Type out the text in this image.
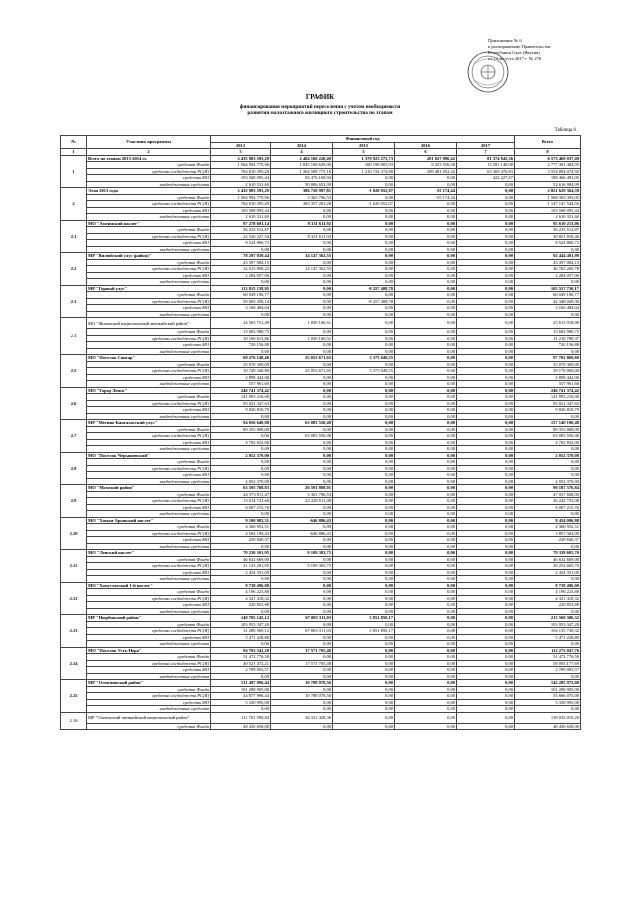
Приложение № 6
к распоряжению Правительства
Республики Саха (Якутия)
от 14 августа 2017 г. № 276
ГРАФИК
финансирования мероприятий переселения с учетом необходимости
развития малоэтажного жилищного строительства по этапам
Таблица 6
№	Участник программы	Финансовый год					Всего
		2013	2014	2015	2016	2017	
1	2	3	4	5	6	7	8
1	Всего по этапам 2013-2014 гг.	2 435 983 593,29	2 484 160 226,49	1 370 923 275,73	201 027 096,42	81 374 845,56	6 573 469 037,49
	средства Фонда	1 564 994 770,96	1 045 168 629,00	160 198 903,93	8 453 556,00	13 581 148,08	2 777 491 484,95
	средства госбюджета РС(Я)	764 810 395,29	1 304 508 775,16	1 210 724 374,80	209 481 052,42	63 369 476,83	3 554 894 074,50
	средства МО	103 568 095,44	84 476 169,94	0,00	0,00	422 227,67	188 466 493,05
	внебюджетные средства	2 610 331,60	50 006 653,39	0,00	0,00	0,00	52 616 984,99
2	Этап 2013 года	2 435 983 593,29	386 720 997,81	-1 020 052,07	-55 174,44	0,00	2 821 629 364,59
	средства Фонда	1 564 994 770,96	3 363 796,53	0,00	-55 174,44	0,00	1 568 303 393,05
	средства госбюджета РС(Я)	764 810 395,29	383 357 201,28	-1 020 052,07	0,00	0,00	1 147 147 544,50
	средства МО	103 568 095,44	0,00	0,00	0,00	0,00	103 568 095,44
	внебюджетные средства	2 610 331,60	0,00	0,00	0,00	0,00	2 610 331,60
2.1	МО "Амгинский наслег"	87 278 601,14	8 331 611,92	0,00	0,00	0,00	95 610 213,06
	средства Фонда	56 233 512,87	0,00	0,00	0,00	0,00	56 233 512,87
	средства госбюджета РС(Я)	22 520 227,54	8 331 611,92	0,00	0,00	0,00	30 851 839,46
	средства МО	8 524 860,73	0,00	0,00	0,00	0,00	8 524 860,73
	внебюджетные средства	0,00	0,00	0,00	0,00	0,00	0,00
2.2	МР "Вилюйский улус (район)"	78 297 039,44	14 147 362,55	0,00	0,00	0,00	92 444 401,99
	средства Фонда	43 397 084,15	0,00	0,00	0,00	0,00	43 397 084,15
	средства госбюджета РС(Я)	32 615 898,23	14 147 362,55	0,00	0,00	0,00	46 763 260,78
	средства МО	2 284 057,06	0,00	0,00	0,00	0,00	2 284 057,06
	внебюджетные средства	0,00	0,00	0,00	0,00	0,00	0,00
2.3	МР "Горный улус"	113 815 138,95	0,00	-8 257 408,78	0,00	0,00	105 557 730,17
	средства Фонда	60 049 196,77	0,00	0,00	0,00	0,00	60 049 196,77
	средства госбюджета РС(Я)	50 605 458,14	0,00	-8 257 408,78	0,00	0,00	42 348 049,36
	средства МО	3 160 484,04	0,00	0,00	0,00	0,00	3 160 484,04
	внебюджетные средства	0,00	0,00	0,00	0,00	0,00	0,00
2.4	МО "Жиганский национальный эвенкийский район"	24 563 751,49	1 050 166,51	0,00	0,00	0,00	25 613 918,00
	средства Фонда	13 682 980,75	0,00	0,00	0,00	0,00	13 682 980,75
	средства госбюджета РС(Я)	10 160 613,86	1 050 166,51	0,00	0,00	0,00	11 210 780,37
	средства МО	720 156,88	0,00	0,00	0,00	0,00	720 156,88
	внебюджетные средства	0,00	0,00	0,00	0,00	0,00	0,00
2.5	МО "Поселок Сангар"	69 276 148,40	25 053 671,65	3 373 049,55	0,00	0,00	97 702 869,60
	средства Фонда	35 070 309,00	0,00	0,00	0,00	0,00	35 070 309,00
	средства госбюджета РС(Я)	10 749 346,80	25 053 671,65	3 373 049,55	0,00	0,00	39 176 068,00
	средства МО	2 898 442,00	0,00	0,00	0,00	0,00	2 898 442,00
	внебюджетные средства	557 961,60	0,00	0,00	0,00	0,00	557 961,60
2.6	МО "Город Ленск"	246 741 374,42	0,00	0,00	0,00	0,00	246 741 374,42
	средства Фонда	141 893 216,00	0,00	0,00	0,00	0,00	141 893 216,00
	средства госбюджета РС(Я)	95 021 347,63	0,00	0,00	0,00	0,00	95 021 347,63
	средства МО	9 826 810,79	0,00	0,00	0,00	0,00	9 826 810,79
	внебюджетные средства	0,00	0,00	0,00	0,00	0,00	0,00
2.7	МР "Мегино-Кангаласский улус"	94 056 640,00	63 083 550,48	0,00	0,00	0,00	157 140 190,48
	средства Фонда	89 353 808,00	0,00	0,00	0,00	0,00	89 353 808,00
	средства госбюджета РС(Я)	0,00	63 083 550,48	0,00	0,00	0,00	63 083 550,48
	средства МО	4 702 832,00	0,00	0,00	0,00	0,00	4 702 832,00
	внебюджетные средства	0,00	0,00	0,00	0,00	0,00	0,00
2.8	МО "Поселок Черышевский"	2 052 370,00	0,00	0,00	0,00	0,00	2 052 370,00
	средства Фонда	0,00	0,00	0,00	0,00	0,00	0,00
	средства госбюджета РС(Я)	0,00	0,00	0,00	0,00	0,00	0,00
	средства МО	0,00	0,00	0,00	0,00	0,00	0,00
	внебюджетные средства	2 052 370,00	0,00	0,00	0,00	0,00	2 052 370,00
2.9	МО "Момский район"	63 595 768,83	26 591 808,01	0,00	0,00	0,00	90 187 576,84
	средства Фонда	44 573 811,47	3 363 796,53	0,00	0,00	0,00	47 937 608,00
	средства госбюджета РС(Я)	13 014 741,60	23 228 011,48	0,00	0,00	0,00	36 242 753,08
	средства МО	6 007 215,76	0,00	0,00	0,00	0,00	6 007 215,76
	внебюджетные средства	0,00	0,00	0,00	0,00	0,00	0,00
2.10	МО "Хатын-Арынский наслег"	9 100 983,31	-646 886,43	0,00	0,00	0,00	8 454 096,88
	средства Фонда	4 366 952,51	0,00	0,00	0,00	0,00	4 366 952,51
	средства госбюджета РС(Я)	4 504 190,43	-646 886,43	0,00	0,00	0,00	3 857 304,00
	средства МО	229 840,37	0,00	0,00	0,00	0,00	229 840,37
	внебюджетные средства	0,00	0,00	0,00	0,00	0,00	0,00
2.11	МО "Ленский наслег"	70 230 301,95	9 109 383,75	0,00	0,00	0,00	79 339 685,70
	средства Фонда	46 632 669,00	0,00	0,00	0,00	0,00	46 632 669,00
	средства госбюджета РС(Я)	21 143 281,95	9 109 383,75	0,00	0,00	0,00	30 252 665,70
	средства МО	2 454 351,00	0,00	0,00	0,00	0,00	2 454 351,00
	внебюджетные средства	0,00	0,00	0,00	0,00	0,00	0,00
2.12	МО "Хомустахский 1-й наслег"	8 738 496,00	0,00	0,00	0,00	0,00	8 738 496,00
	средства Фонда	4 196 223,80	0,00	0,00	0,00	0,00	4 196 223,80
	средства госбюджета РС(Я)	4 321 418,32	0,00	0,00	0,00	0,00	4 321 418,32
	средства МО	220 853,88	0,00	0,00	0,00	0,00	220 853,88
	внебюджетные средства	0,00	0,00	0,00	0,00	0,00	0,00
2.13	МР "Нюрбинский район"	140 705 145,12	67 003 311,03	5 851 850,17	0,00	0,00	213 560 306,32
	средства Фонда	103 953 347,20	0,00	0,00	0,00	0,00	103 953 347,20
	средства госбюджета РС(Я)	31 280 569,12	67 003 311,03	5 851 850,17	0,00	0,00	104 135 730,32
	средства МО	5 471 228,80	0,00	0,00	0,00	0,00	5 471 228,80
	внебюджетные средства	0,00	0,00	0,00	0,00	0,00	0,00
2.14	МО "Поселок Усть-Нера"	94 703 342,28	17 571 705,48	0,00	0,00	0,00	112 275 047,76
	средства Фонда	51 472 776,50	0,00	0,00	0,00	0,00	51 472 776,50
	средства госбюджета РС(Я)	40 521 472,21	17 571 705,48	0,00	0,00	0,00	58 093 177,69
	средства МО	2 709 093,57	0,00	0,00	0,00	0,00	2 709 093,57
	внебюджетные средства	0,00	0,00	0,00	0,00	0,00	0,00
2.15	МР "Олекминский район"	131 497 896,44	10 788 078,56	0,00	0,00	0,00	142 285 975,00
	средства Фонда	101 288 905,00	0,00	0,00	0,00	0,00	101 288 905,00
	средства госбюджета РС(Я)	24 877 996,44	10 788 078,56	0,00	0,00	0,00	35 666 075,00
	средства МО	5 330 995,00	0,00	0,00	0,00	0,00	5 330 995,00
	внебюджетные средства	0,00	0,00	0,00	0,00	0,00	0,00
2.16	МР "Оленекский эвенкийский национальный район"	111 701 590,84	26 331 428,36	0,00	0,00	0,00	138 033 019,20
	средства Фонда	48 430 658,00	0,00	0,00	0,00	0,00	48 430 658,00
